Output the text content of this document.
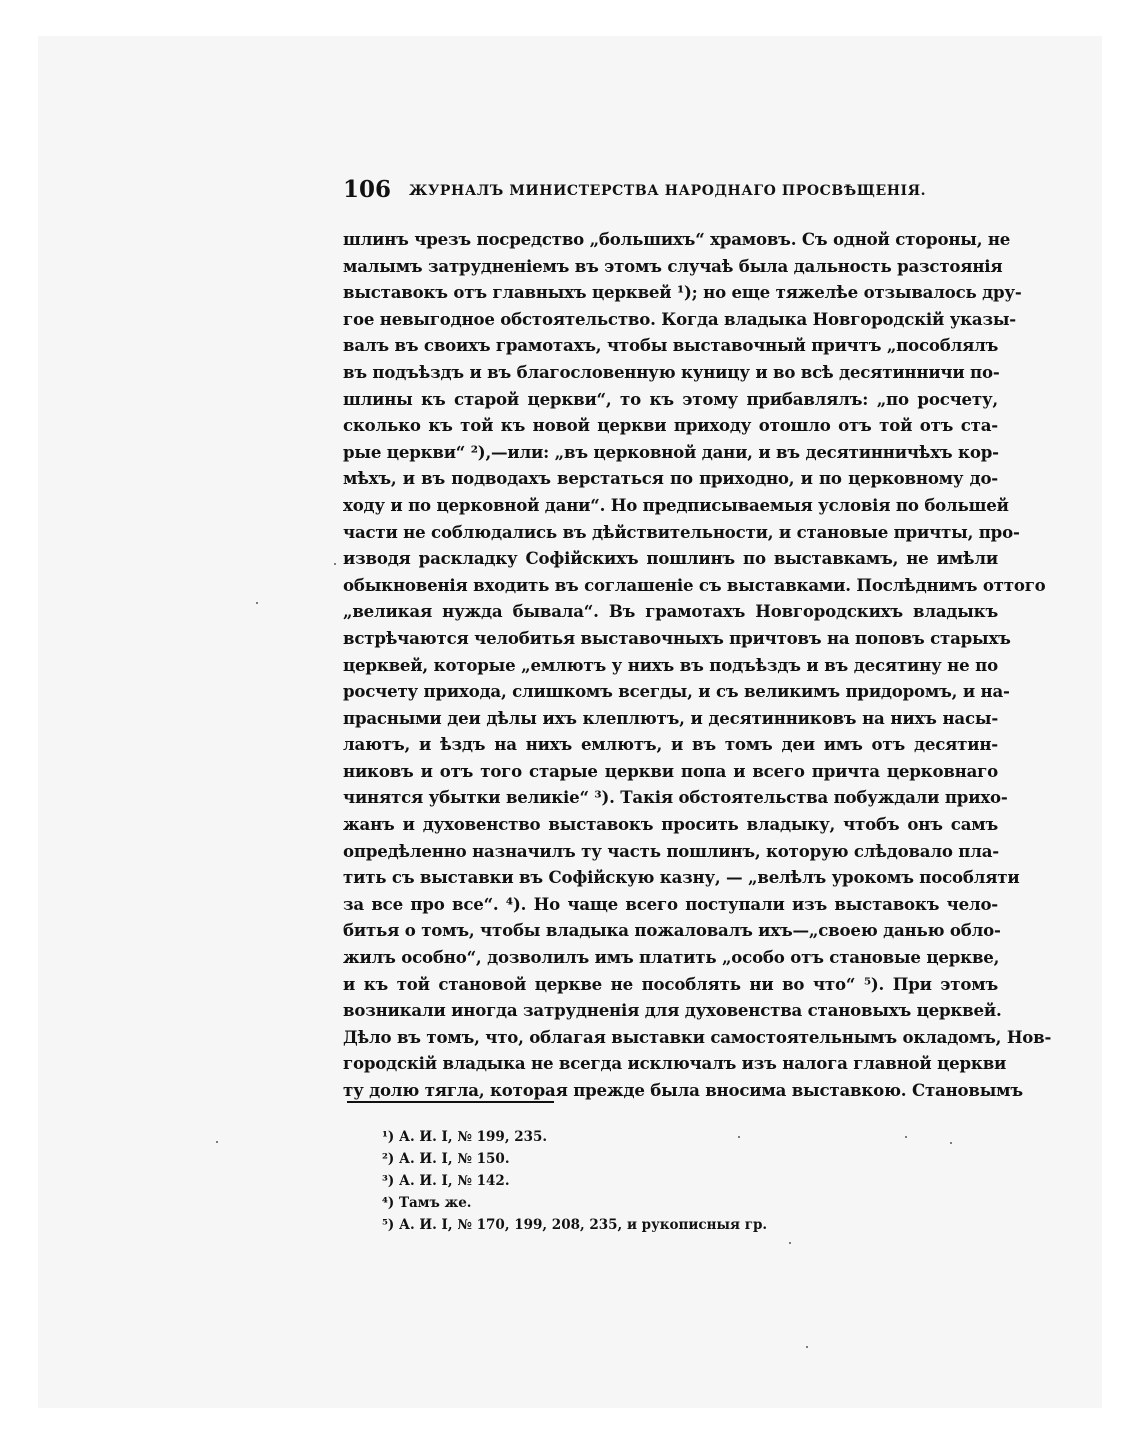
106 ЖУРНАЛЪ МИНИСТЕРСТВА НАРОДНАГО ПРОСВѢЩЕНІЯ.
шлинъ чрезъ посредство „большихъ“ храмовъ. Съ одной стороны, не
малымъ затрудненіемъ въ этомъ случаѣ была дальность разстоянія
выставокъ отъ главныхъ церквей ¹); но еще тяжелѣе отзывалось дру-
гое невыгодное обстоятельство. Когда владыка Новгородскій указы-
валъ въ своихъ грамотахъ, чтобы выставочный причтъ „пособлялъ
въ подъѣздъ и въ благословенную куницу и во всѣ десятинничи по-
шлины къ старой церкви“, то къ этому прибавлялъ: „по росчету,
сколько къ той къ новой церкви приходу отошло отъ той отъ ста-
рые церкви“ ²),—или: „въ церковной дани, и въ десятинничѣхъ кор-
мѣхъ, и въ подводахъ верстаться по приходно, и по церковному до-
ходу и по церковной дани“. Но предписываемыя условія по большей
части не соблюдались въ дѣйствительности, и становые причты, про-
изводя раскладку Софійскихъ пошлинъ по выставкамъ, не имѣли
обыкновенія входить въ соглашеніе съ выставками. Послѣднимъ оттого
„великая нужда бывала“. Въ грамотахъ Новгородскихъ владыкъ
встрѣчаются челобитья выставочныхъ причтовъ на поповъ старыхъ
церквей, которые „емлютъ у нихъ въ подъѣздъ и въ десятину не по
росчету прихода, слишкомъ всегды, и съ великимъ придоромъ, и на-
прасными деи дѣлы ихъ клеплютъ, и десятинниковъ на нихъ насы-
лаютъ, и ѣздъ на нихъ емлютъ, и въ томъ деи имъ отъ десятин-
никовъ и отъ того старые церкви попа и всего причта церковнаго
чинятся убытки великіе“ ³). Такія обстоятельства побуждали прихо-
жанъ и духовенство выставокъ просить владыку, чтобъ онъ самъ
опредѣленно назначилъ ту часть пошлинъ, которую слѣдовало пла-
тить съ выставки въ Софійскую казну, — „велѣлъ урокомъ пособляти
за все про все“. ⁴). Но чаще всего поступали изъ выставокъ чело-
битья о томъ, чтобы владыка пожаловалъ ихъ—„своею данью обло-
жилъ особно“, дозволилъ имъ платить „особо отъ становые церкве,
и къ той становой церкве не пособлять ни во что“ ⁵). При этомъ
возникали иногда затрудненія для духовенства становыхъ церквей.
Дѣло въ томъ, что, облагая выставки самостоятельнымъ окладомъ, Нов-
городскій владыка не всегда исключалъ изъ налога главной церкви
ту долю тягла, которая прежде была вносима выставкою. Становымъ
¹) А. И. I, № 199, 235.
²) А. И. I, № 150.
³) А. И. I, № 142.
⁴) Тамъ же.
⁵) А. И. I, № 170, 199, 208, 235, и рукописныя гр.
